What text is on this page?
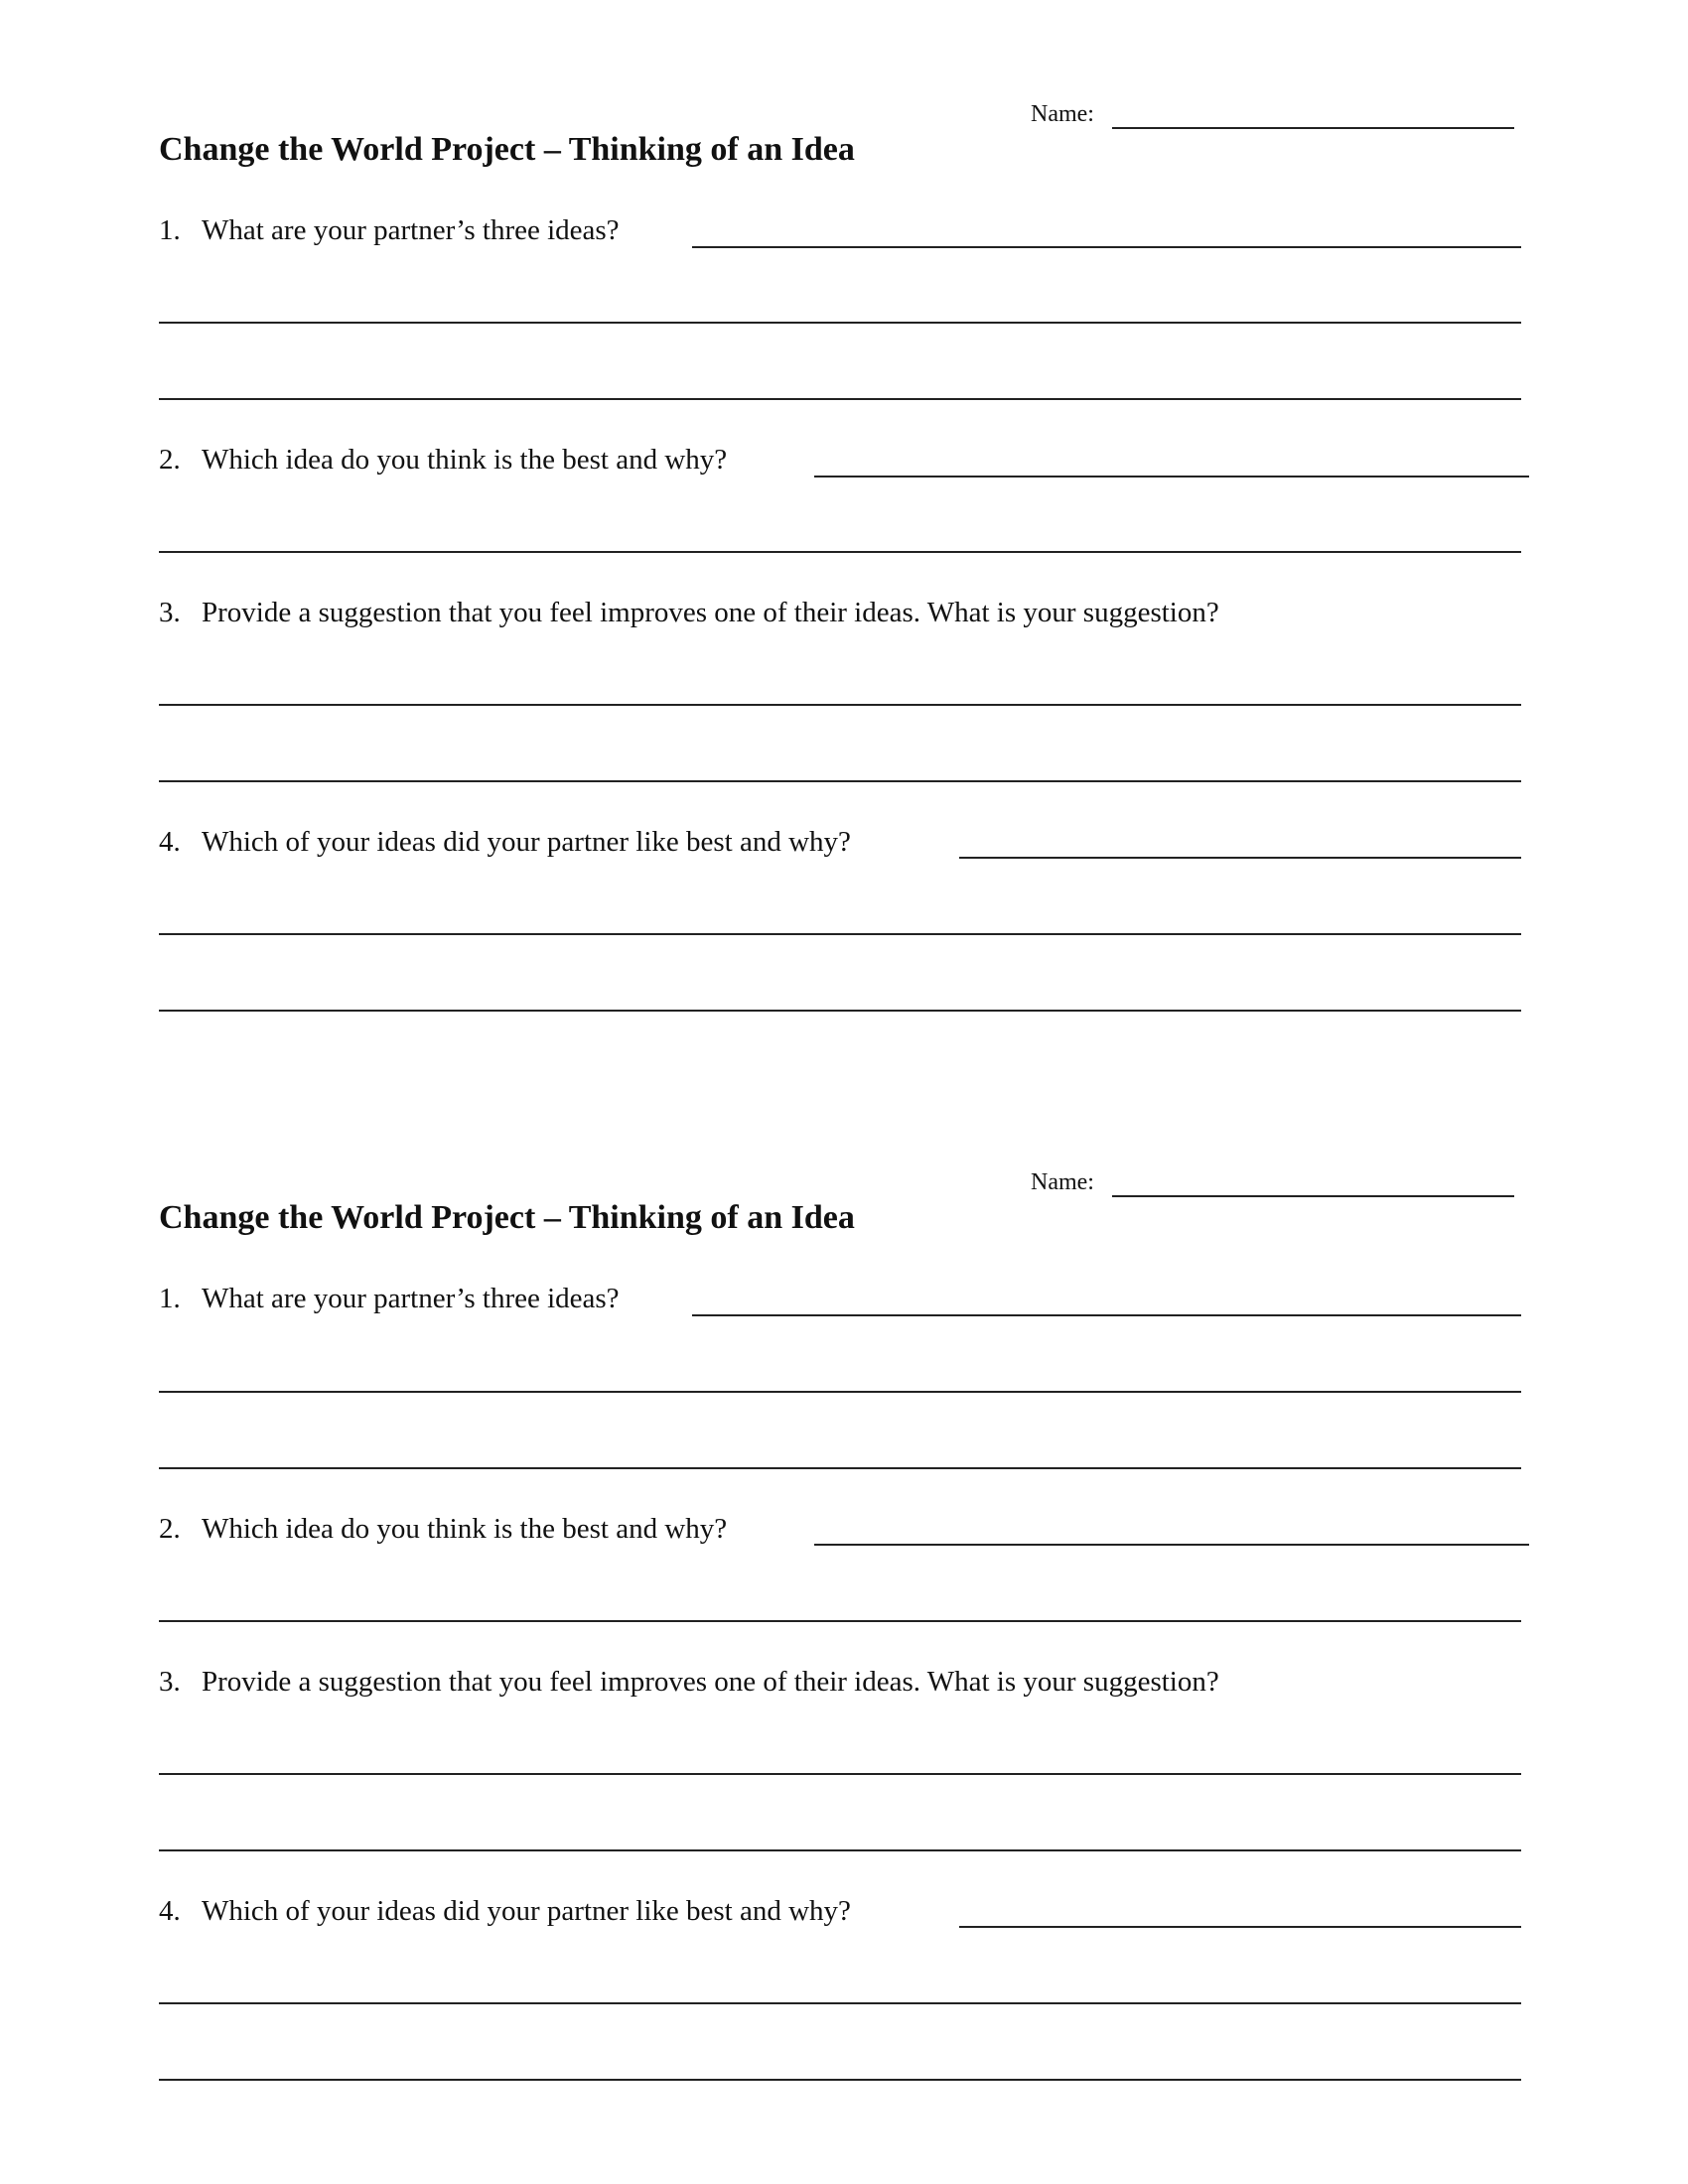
Name:
Change the World Project – Thinking of an Idea
1. What are your partner’s three ideas?
2. Which idea do you think is the best and why?
3. Provide a suggestion that you feel improves one of their ideas. What is your suggestion?
4. Which of your ideas did your partner like best and why?
Name:
Change the World Project – Thinking of an Idea
1. What are your partner’s three ideas?
2. Which idea do you think is the best and why?
3. Provide a suggestion that you feel improves one of their ideas. What is your suggestion?
4. Which of your ideas did your partner like best and why?
